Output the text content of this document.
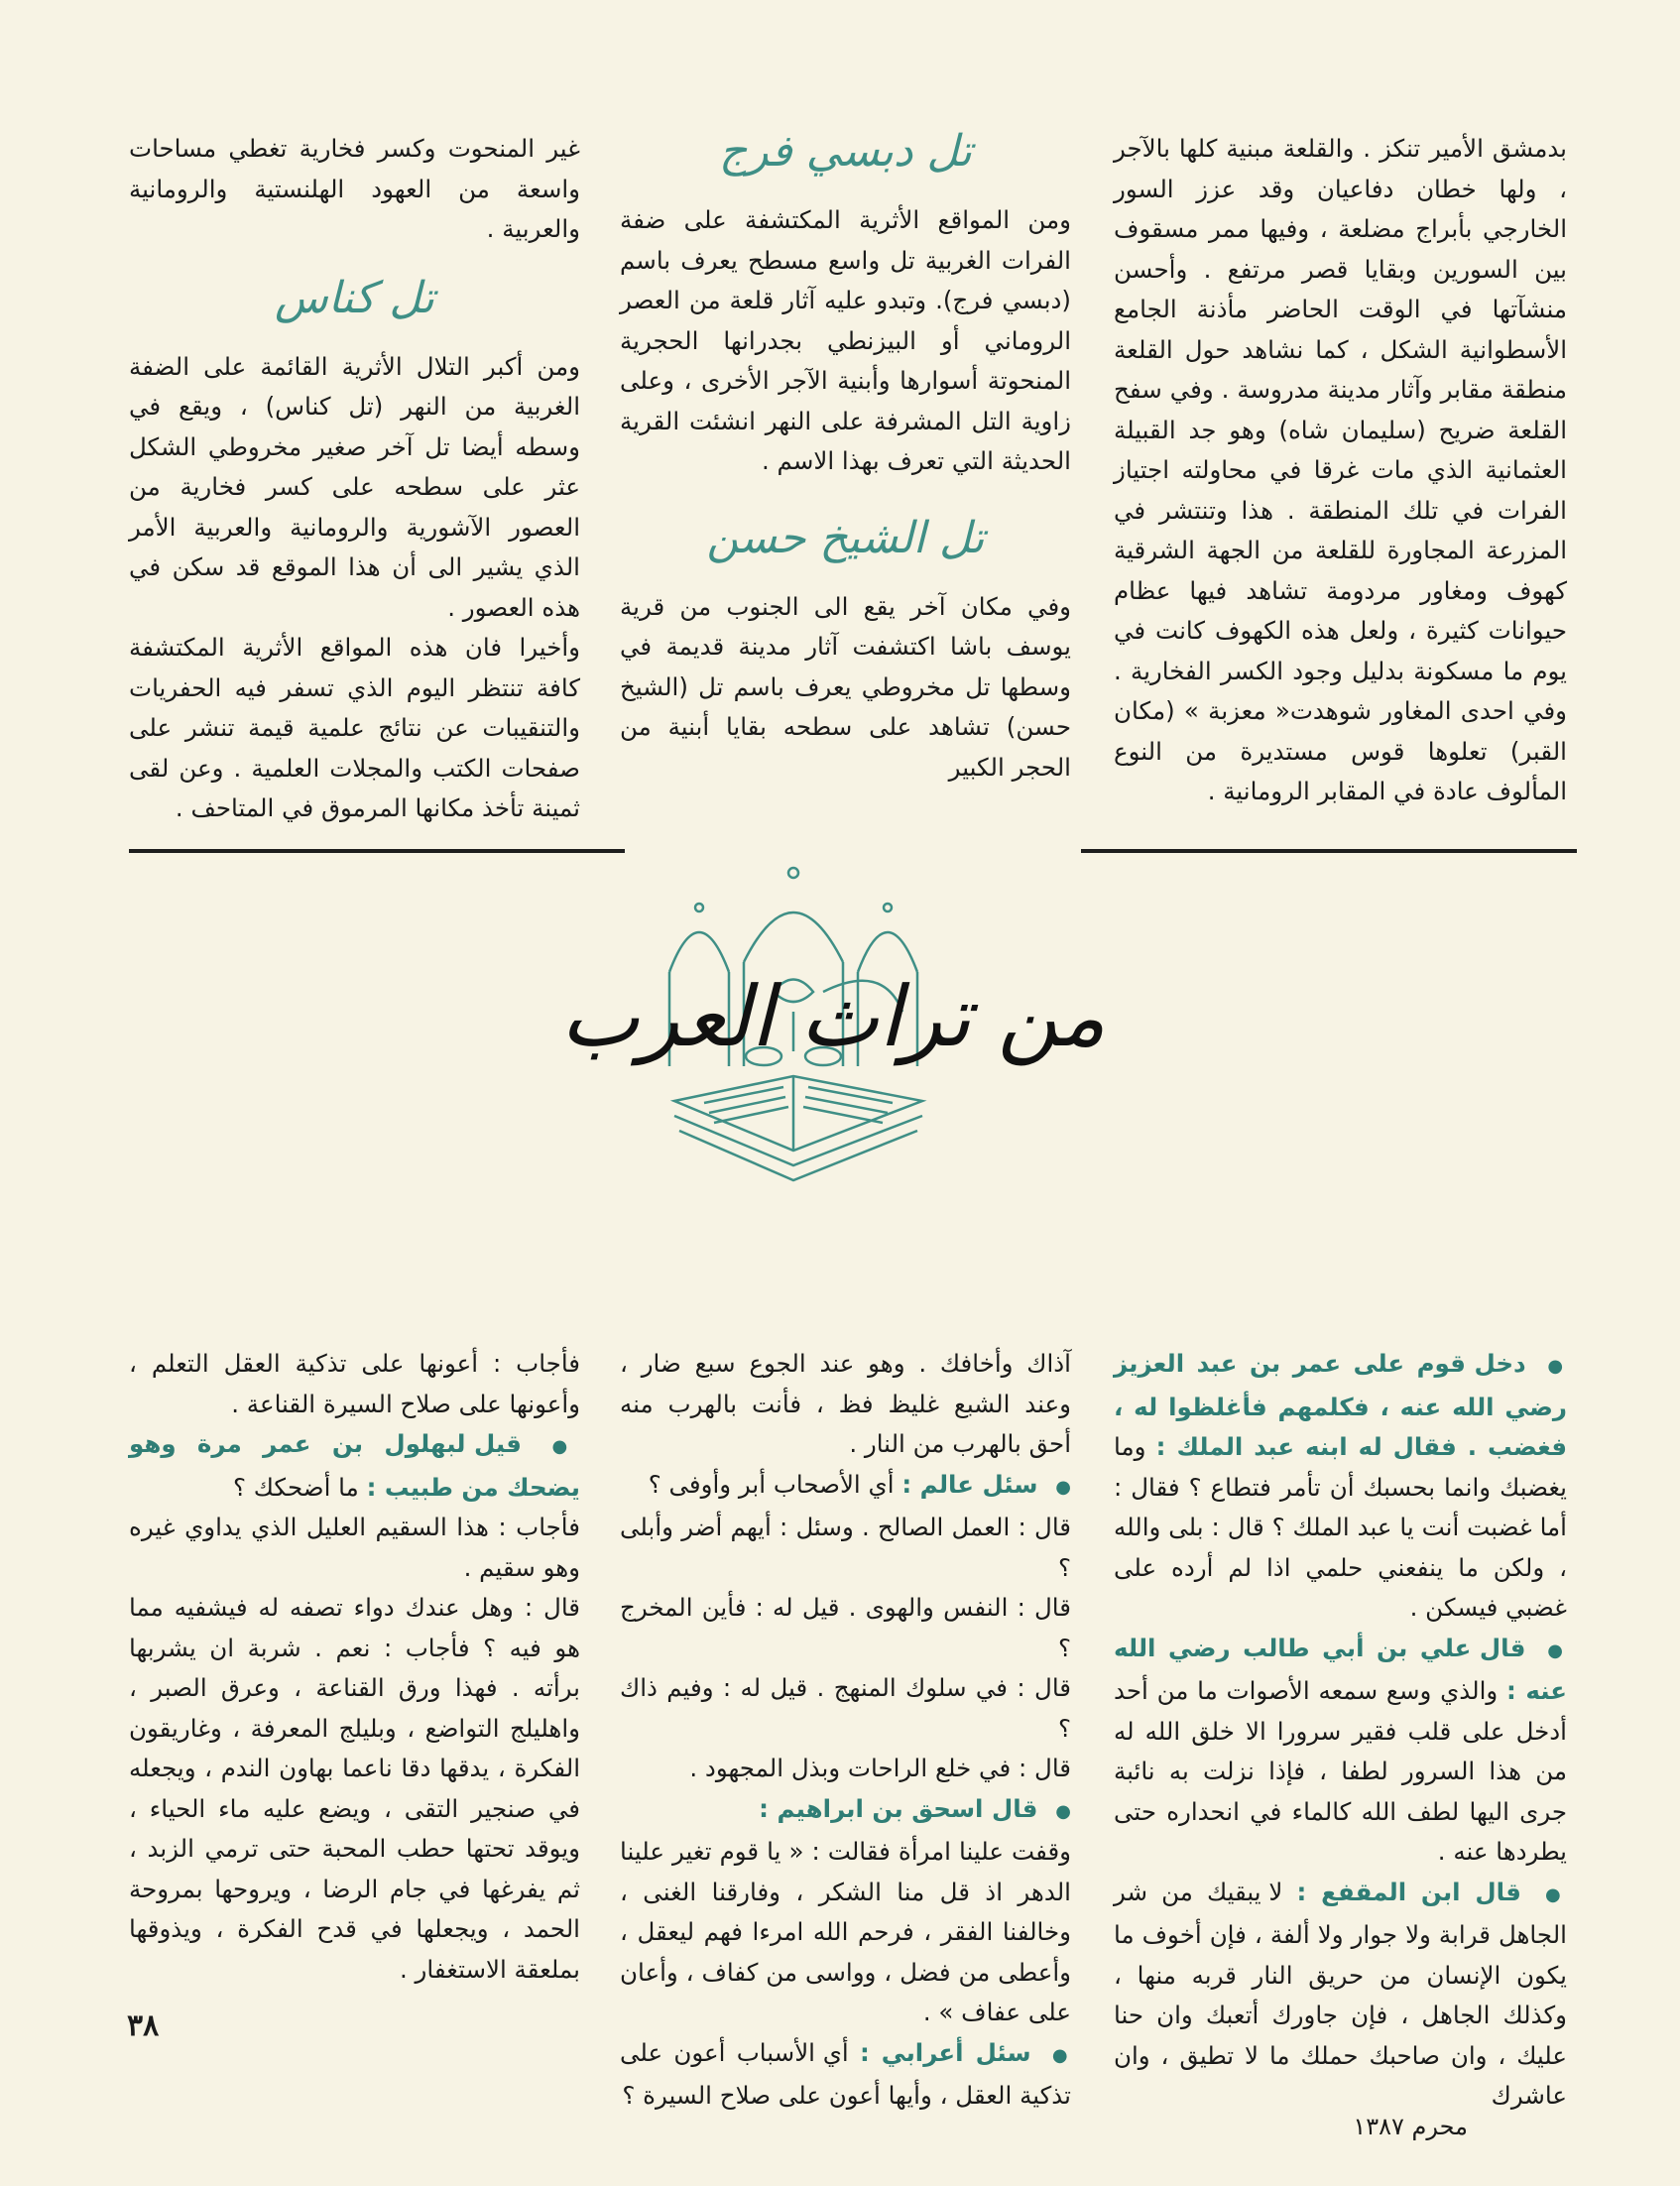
بدمشق الأمير تنكز . والقلعة مبنية كلها بالآجر ، ولها خطان دفاعيان وقد عزز السور الخارجي بأبراج مضلعة ، وفيها ممر مسقوف بين السورين وبقايا قصر مرتفع . وأحسن منشآتها في الوقت الحاضر مأذنة الجامع الأسطوانية الشكل ، كما نشاهد حول القلعة منطقة مقابر وآثار مدينة مدروسة . وفي سفح القلعة ضريح (سليمان شاه) وهو جد القبيلة العثمانية الذي مات غرقا في محاولته اجتياز الفرات في تلك المنطقة . هذا وتنتشر في المزرعة المجاورة للقلعة من الجهة الشرقية كهوف ومغاور مردومة تشاهد فيها عظام حيوانات كثيرة ، ولعل هذه الكهوف كانت في يوم ما مسكونة بدليل وجود الكسر الفخارية . وفي احدى المغاور شوهدت« معزبة » (مكان القبر) تعلوها قوس مستديرة من النوع المألوف عادة في المقابر الرومانية .

تل دبسي فرج

ومن المواقع الأثرية المكتشفة على ضفة الفرات الغربية تل واسع مسطح يعرف باسم (دبسي فرج). وتبدو عليه آثار قلعة من العصر الروماني أو البيزنطي بجدرانها الحجرية المنحوتة أسوارها وأبنية الآجر الأخرى ، وعلى زاوية التل المشرفة على النهر انشئت القرية الحديثة التي تعرف بهذا الاسم .

تل الشيخ حسن

وفي مكان آخر يقع الى الجنوب من قرية يوسف باشا اكتشفت آثار مدينة قديمة في وسطها تل مخروطي يعرف باسم تل (الشيخ حسن) تشاهد على سطحه بقايا أبنية من الحجر الكبير

غير المنحوت وكسر فخارية تغطي مساحات واسعة من العهود الهلنستية والرومانية والعربية .

تل كناس

ومن أكبر التلال الأثرية القائمة على الضفة الغربية من النهر (تل كناس) ، ويقع في وسطه أيضا تل آخر صغير مخروطي الشكل عثر على سطحه على كسر فخارية من العصور الآشورية والرومانية والعربية الأمر الذي يشير الى أن هذا الموقع قد سكن في هذه العصور .

وأخيرا فان هذه المواقع الأثرية المكتشفة كافة تنتظر اليوم الذي تسفر فيه الحفريات والتنقيبات عن نتائج علمية قيمة تنشر على صفحات الكتب والمجلات العلمية . وعن لقى ثمينة تأخذ مكانها المرموق في المتاحف .

من تراث العرب

● دخل قوم على عمر بن عبد العزيز رضي الله عنه ، فكلمهم فأغلظوا له ، فغضب . فقال له ابنه عبد الملك : وما يغضبك وانما بحسبك أن تأمر فتطاع ؟ فقال : أما غضبت أنت يا عبد الملك ؟ قال : بلى والله ، ولكن ما ينفعني حلمي اذا لم أرده على غضبي فيسكن .

● قال علي بن أبي طالب رضي الله عنه : والذي وسع سمعه الأصوات ما من أحد أدخل على قلب فقير سرورا الا خلق الله له من هذا السرور لطفا ، فإذا نزلت به نائبة جرى اليها لطف الله كالماء في انحداره حتى يطردها عنه .

● قال ابن المقفع : لا يبقيك من شر الجاهل قرابة ولا جوار ولا ألفة ، فإن أخوف ما يكون الإنسان من حريق النار قربه منها ، وكذلك الجاهل ، فإن جاورك أتعبك وان حنا عليك ، وان صاحبك حملك ما لا تطيق ، وان عاشرك

آذاك وأخافك . وهو عند الجوع سبع ضار ، وعند الشبع غليظ فظ ، فأنت بالهرب منه أحق بالهرب من النار .

● سئل عالم : أي الأصحاب أبر وأوفى ؟

قال : العمل الصالح . وسئل : أيهم أضر وأبلى ؟

قال : النفس والهوى . قيل له : فأين المخرج ؟

قال : في سلوك المنهج . قيل له : وفيم ذاك ؟

قال : في خلع الراحات وبذل المجهود .

● قال اسحق بن ابراهيم :

وقفت علينا امرأة فقالت : « يا قوم تغير علينا الدهر اذ قل منا الشكر ، وفارقنا الغنى ، وخالفنا الفقر ، فرحم الله امرءا فهم ليعقل ، وأعطى من فضل ، وواسى من كفاف ، وأعان على عفاف » .

● سئل أعرابي : أي الأسباب أعون على تذكية العقل ، وأيها أعون على صلاح السيرة ؟

فأجاب : أعونها على تذكية العقل التعلم ، وأعونها على صلاح السيرة القناعة .

● قيل لبهلول بن عمر مرة وهو يضحك من طبيب : ما أضحكك ؟

فأجاب : هذا السقيم العليل الذي يداوي غيره وهو سقيم .

قال : وهل عندك دواء تصفه له فيشفيه مما هو فيه ؟ فأجاب : نعم . شربة ان يشربها برأته . فهذا ورق القناعة ، وعرق الصبر ، واهليلج التواضع ، وبليلج المعرفة ، وغاريقون الفكرة ، يدقها دقا ناعما بهاون الندم ، ويجعله في صنجير التقى ، ويضع عليه ماء الحياء ، ويوقد تحتها حطب المحبة حتى ترمي الزبد ، ثم يفرغها في جام الرضا ، ويروحها بمروحة الحمد ، ويجعلها في قدح الفكرة ، ويذوقها بملعقة الاستغفار .

٣٨
محرم ١٣٨٧
